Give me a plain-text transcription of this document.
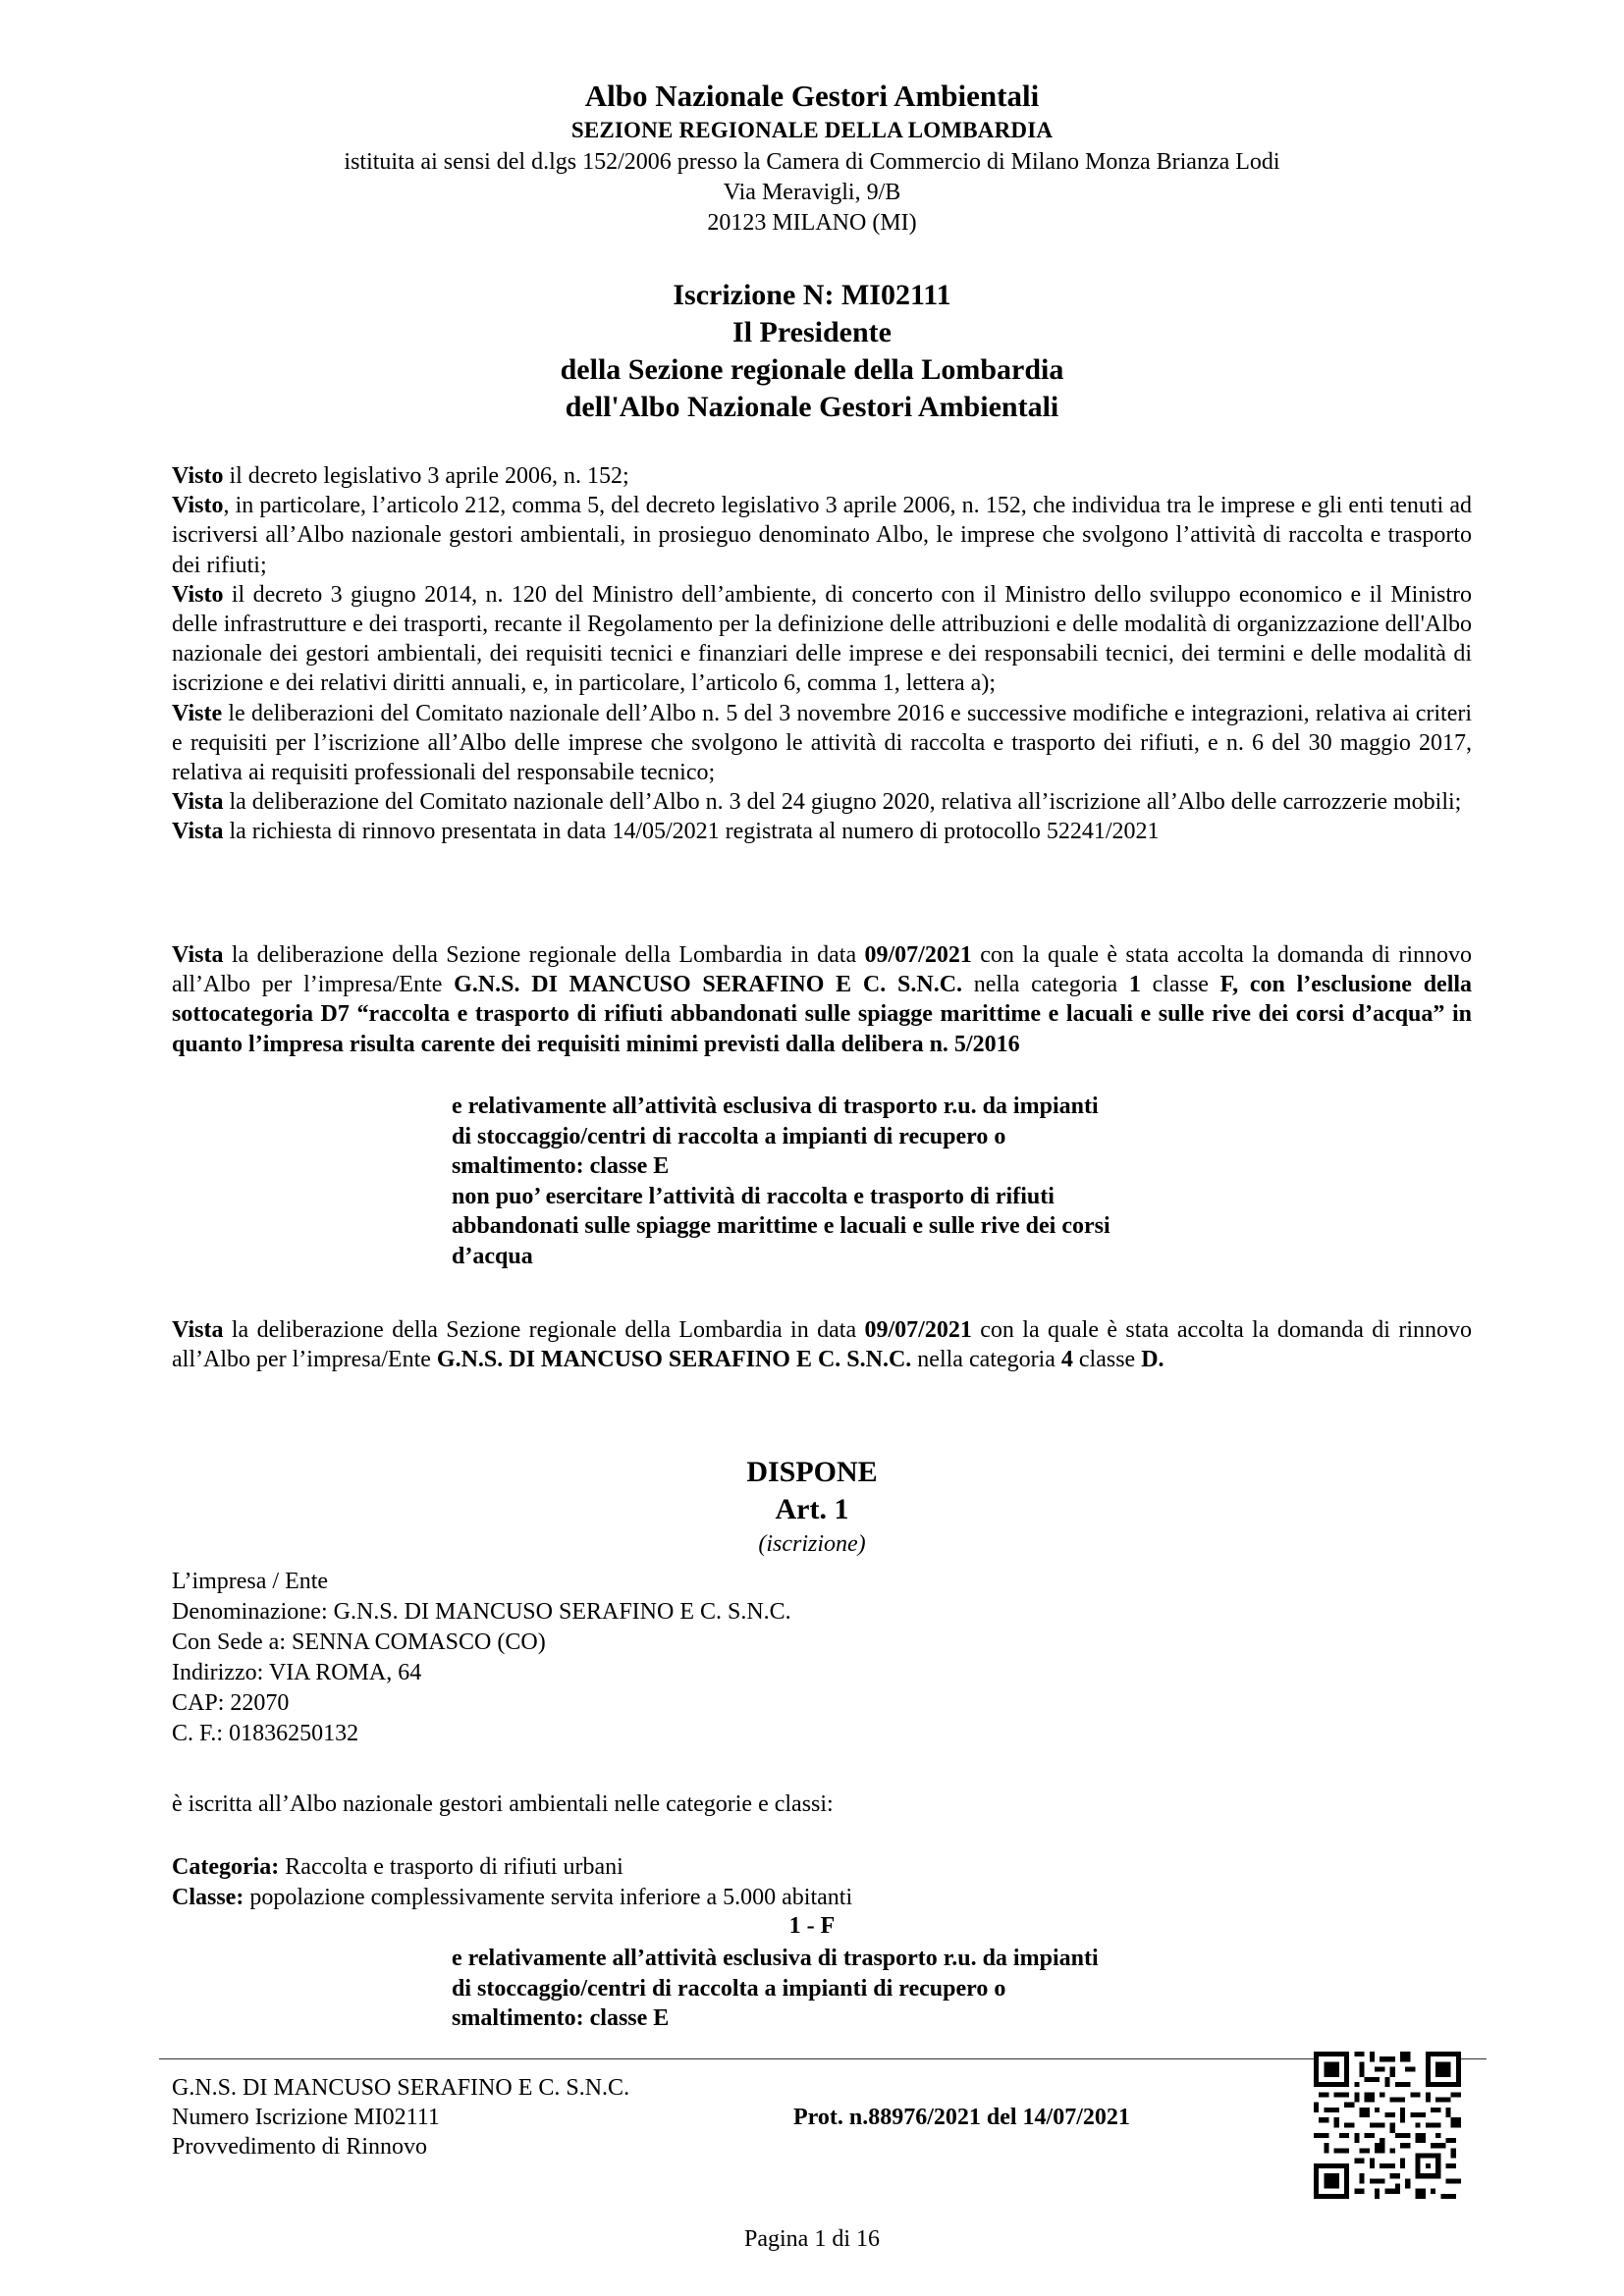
Albo Nazionale Gestori Ambientali
SEZIONE REGIONALE DELLA LOMBARDIA
istituita ai sensi del d.lgs 152/2006 presso la Camera di Commercio di Milano Monza Brianza Lodi
Via Meravigli, 9/B
20123 MILANO (MI)
Iscrizione N: MI02111
Il Presidente
della Sezione regionale della Lombardia
dell'Albo Nazionale Gestori Ambientali

Visto il decreto legislativo 3 aprile 2006, n. 152;

Visto, in particolare, l’articolo 212, comma 5, del decreto legislativo 3 aprile 2006, n. 152, che individua tra le imprese e gli enti tenuti ad iscriversi all’Albo nazionale gestori ambientali, in prosieguo denominato Albo, le imprese che svolgono l’attività di raccolta e trasporto dei rifiuti;

Visto il decreto 3 giugno 2014, n. 120 del Ministro dell’ambiente, di concerto con il Ministro dello sviluppo economico e il Ministro delle infrastrutture e dei trasporti, recante il Regolamento per la definizione delle attribuzioni e delle modalità di organizzazione dell'Albo nazionale dei gestori ambientali, dei requisiti tecnici e finanziari delle imprese e dei responsabili tecnici, dei termini e delle modalità di iscrizione e dei relativi diritti annuali, e, in particolare, l’articolo 6, comma 1, lettera a);

Viste le deliberazioni del Comitato nazionale dell’Albo n. 5 del 3 novembre 2016 e successive modifiche e integrazioni, relativa ai criteri e requisiti per l’iscrizione all’Albo delle imprese che svolgono le attività di raccolta e trasporto dei rifiuti, e n. 6 del 30 maggio 2017, relativa ai requisiti professionali del responsabile tecnico;

Vista la deliberazione del Comitato nazionale dell’Albo n. 3 del 24 giugno 2020, relativa all’iscrizione all’Albo delle carrozzerie mobili;

Vista la richiesta di rinnovo presentata in data 14/05/2021 registrata al numero di protocollo 52241/2021

Vista la deliberazione della Sezione regionale della Lombardia in data 09/07/2021 con la quale è stata accolta la domanda di rinnovo all’Albo per l’impresa/Ente G.N.S. DI MANCUSO SERAFINO E C. S.N.C. nella categoria 1 classe F, con l’esclusione della sottocategoria D7 “raccolta e trasporto di rifiuti abbandonati sulle spiagge marittime e lacuali e sulle rive dei corsi d’acqua” in quanto l’impresa risulta carente dei requisiti minimi previsti dalla delibera n. 5/2016

e relativamente all’attività esclusiva di trasporto r.u. da impianti
di stoccaggio/centri di raccolta a impianti di recupero o
smaltimento: classe E
non puo’ esercitare l’attività di raccolta e trasporto di rifiuti
abbandonati sulle spiagge marittime e lacuali e sulle rive dei corsi
d’acqua

Vista la deliberazione della Sezione regionale della Lombardia in data 09/07/2021 con la quale è stata accolta la domanda di rinnovo all’Albo per l’impresa/Ente G.N.S. DI MANCUSO SERAFINO E C. S.N.C. nella categoria 4 classe D.

DISPONE
Art. 1
(iscrizione)
L’impresa / Ente
Denominazione: G.N.S. DI MANCUSO SERAFINO E C. S.N.C.
Con Sede a: SENNA COMASCO (CO)
Indirizzo: VIA ROMA, 64
CAP: 22070
C. F.: 01836250132
è iscritta all’Albo nazionale gestori ambientali nelle categorie e classi:
Categoria: Raccolta e trasporto di rifiuti urbani
Classe: popolazione complessivamente servita inferiore a 5.000 abitanti
1 - F
e relativamente all’attività esclusiva di trasporto r.u. da impianti
di stoccaggio/centri di raccolta a impianti di recupero o
smaltimento: classe E
G.N.S. DI MANCUSO SERAFINO E C. S.N.C.
Numero Iscrizione MI02111
Provvedimento di Rinnovo
Prot. n.88976/2021 del 14/07/2021
Pagina 1 di 16
